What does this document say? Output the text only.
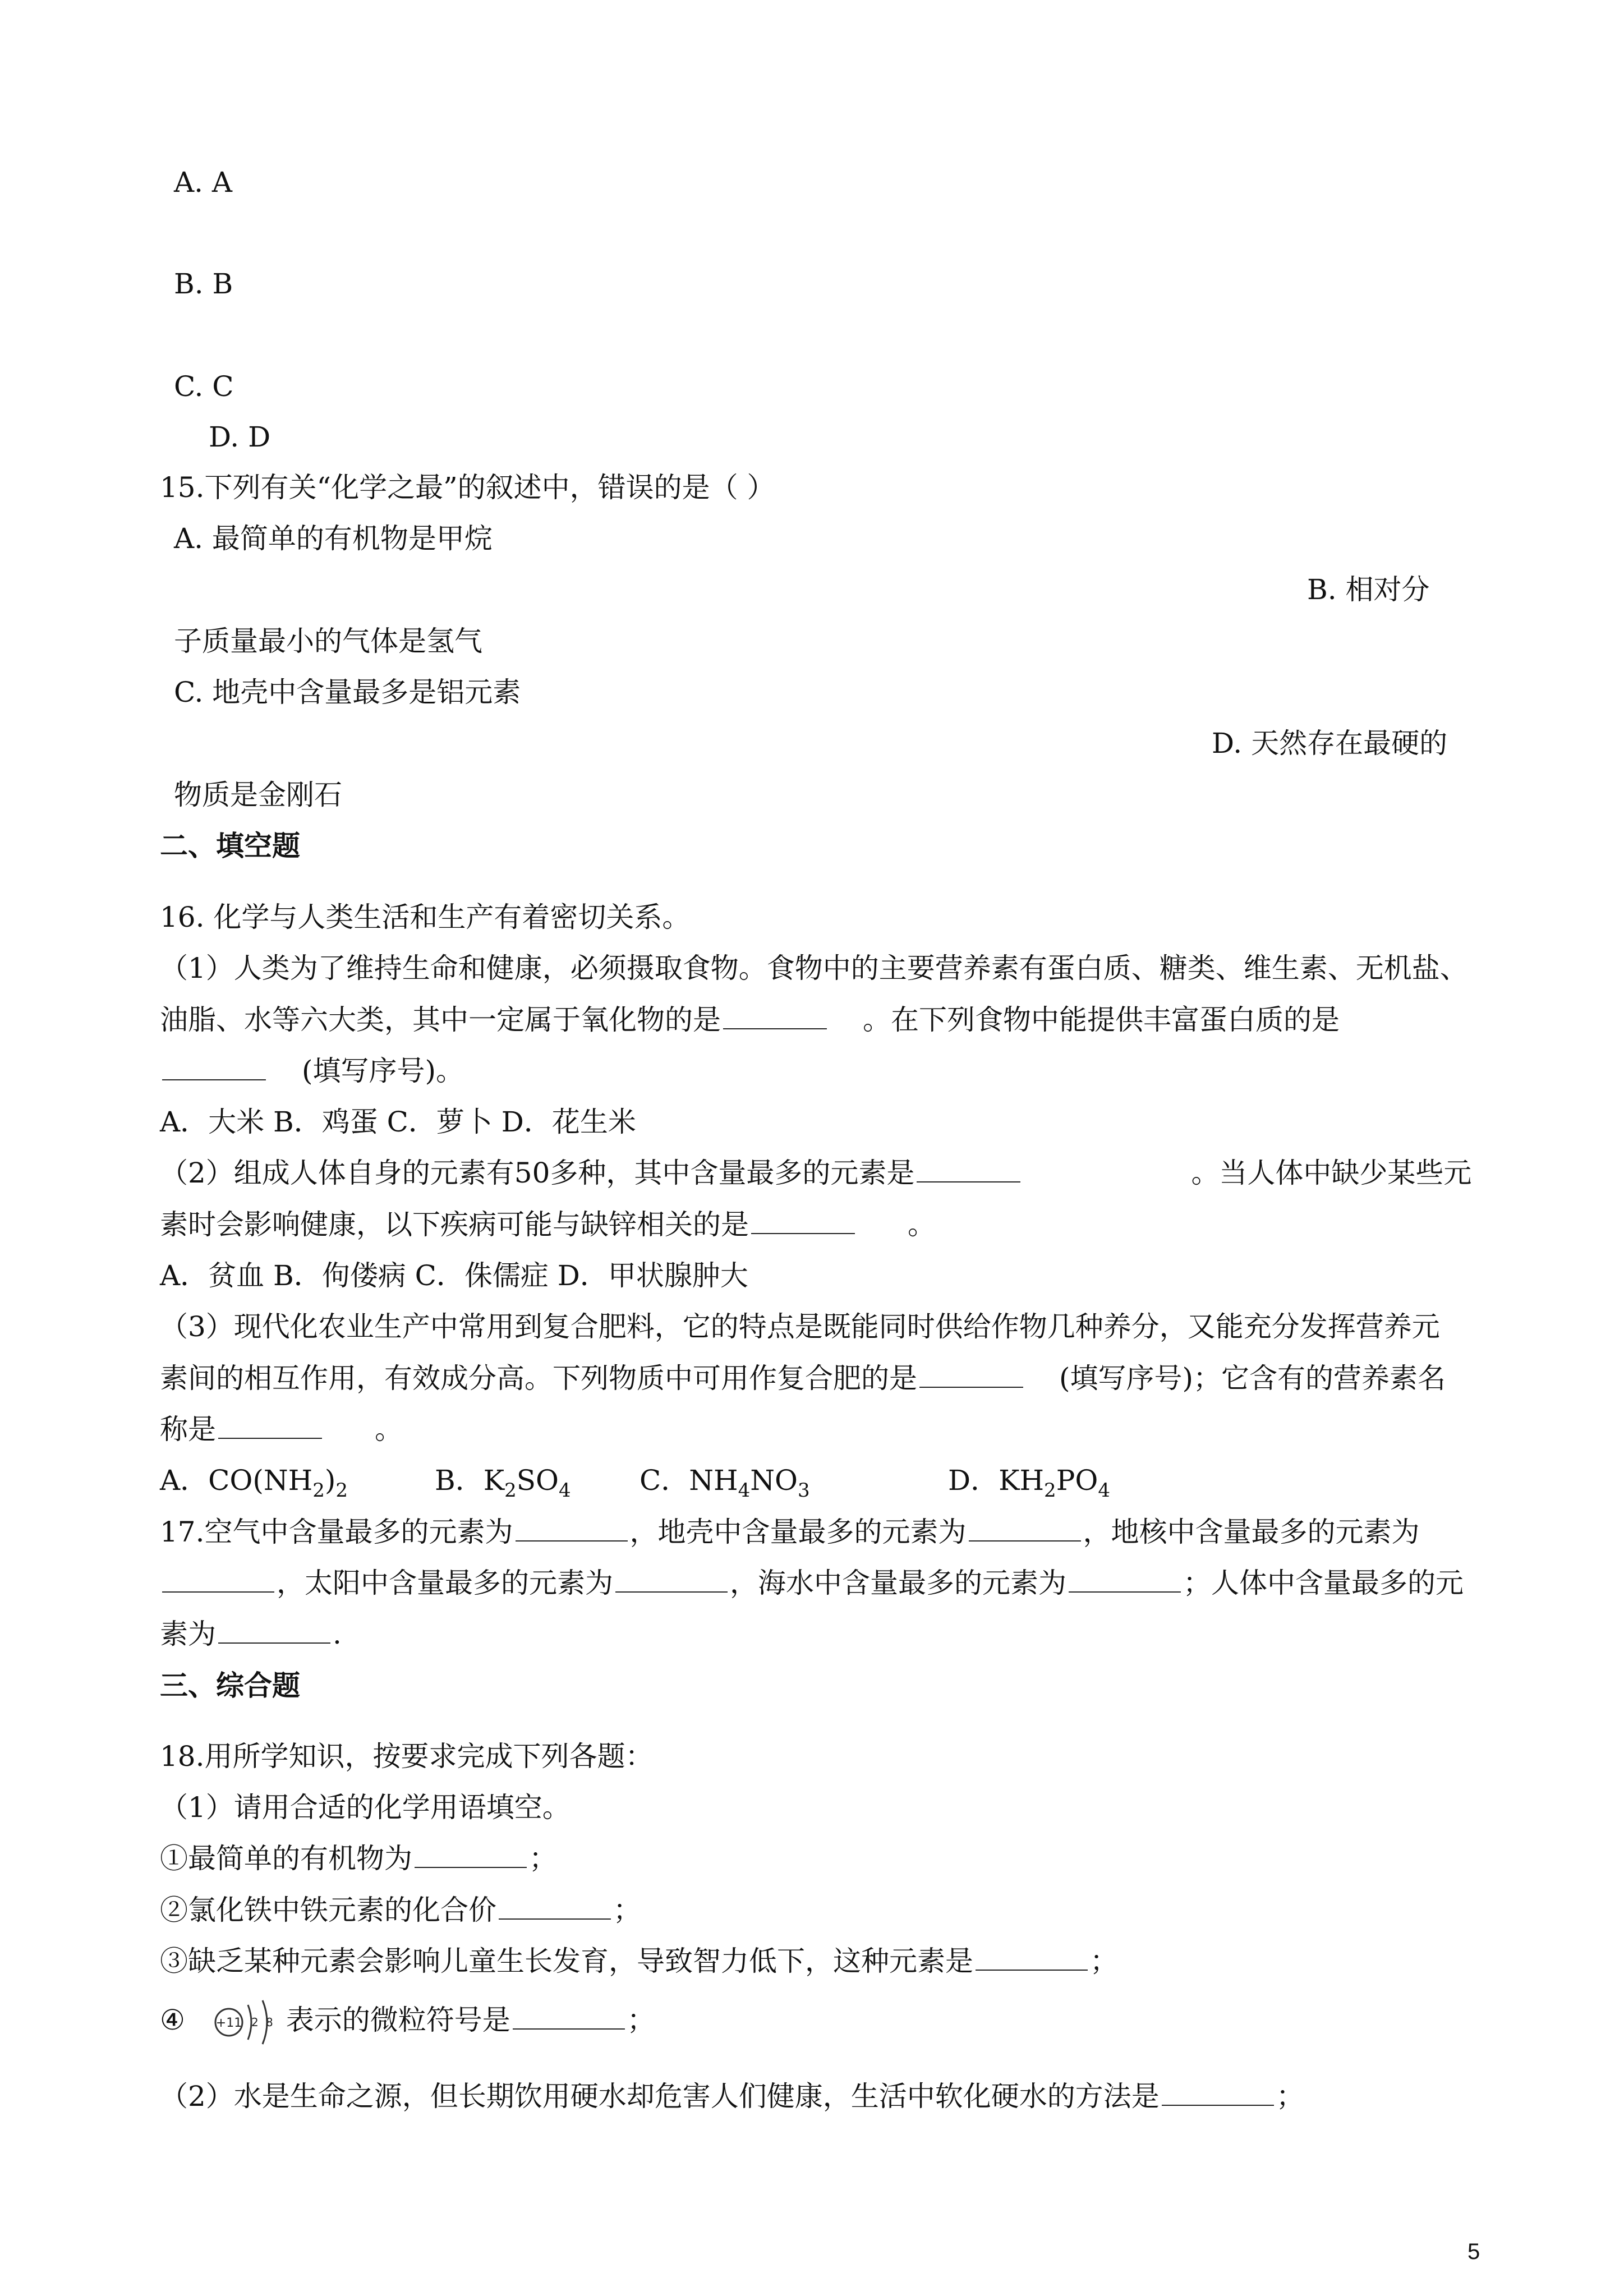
A. A
B. B
C. C
D. D
15.下列有关“化学之最”的叙述中，错误的是（ ）
A. 最简单的有机物是甲烷
B. 相对分
子质量最小的气体是氢气
C. 地壳中含量最多是铝元素
D. 天然存在最硬的
物质是金刚石
二、填空题
16. 化学与人类生活和生产有着密切关系。
（1）人类为了维持生命和健康，必须摄取食物。食物中的主要营养素有蛋白质、糖类、维生素、无机盐、
油脂、水等六大类，其中一定属于氧化物的是	。在下列食物中能提供丰富蛋白质的是
(填写序号)。
A．大米 B．鸡蛋 C．萝卜 D．花生米
（2）组成人体自身的元素有50多种，其中含量最多的元素是	。当人体中缺少某些元
素时会影响健康，以下疾病可能与缺锌相关的是	。
A．贫血 B．佝偻病 C．侏儒症 D．甲状腺肿大
（3）现代化农业生产中常用到复合肥料，它的特点是既能同时供给作物几种养分，又能充分发挥营养元
素间的相互作用，有效成分高。下列物质中可用作复合肥的是	(填写序号)；它含有的营养素名
称是	。
A．$CO(NH_2)_2$	B．$K_2SO_4$ C．$NH_4NO_3$	D．$KH_2PO_4$
17.空气中含量最多的元素为	，地壳中含量最多的元素为	，地核中含量最多的元素为
，太阳中含量最多的元素为	，海水中含量最多的元素为	；人体中含量最多的元
素为	.
三、综合题
18.用所学知识，按要求完成下列各题：
（1）请用合适的化学用语填空。
①最简单的有机物为	；
②氯化铁中铁元素的化合价	；
③缺乏某种元素会影响儿童生长发育，导致智力低下，这种元素是	；
④ +11 2 8 表示的微粒符号是	；
（2）水是生命之源，但长期饮用硬水却危害人们健康，生活中软化硬水的方法是	；
5
